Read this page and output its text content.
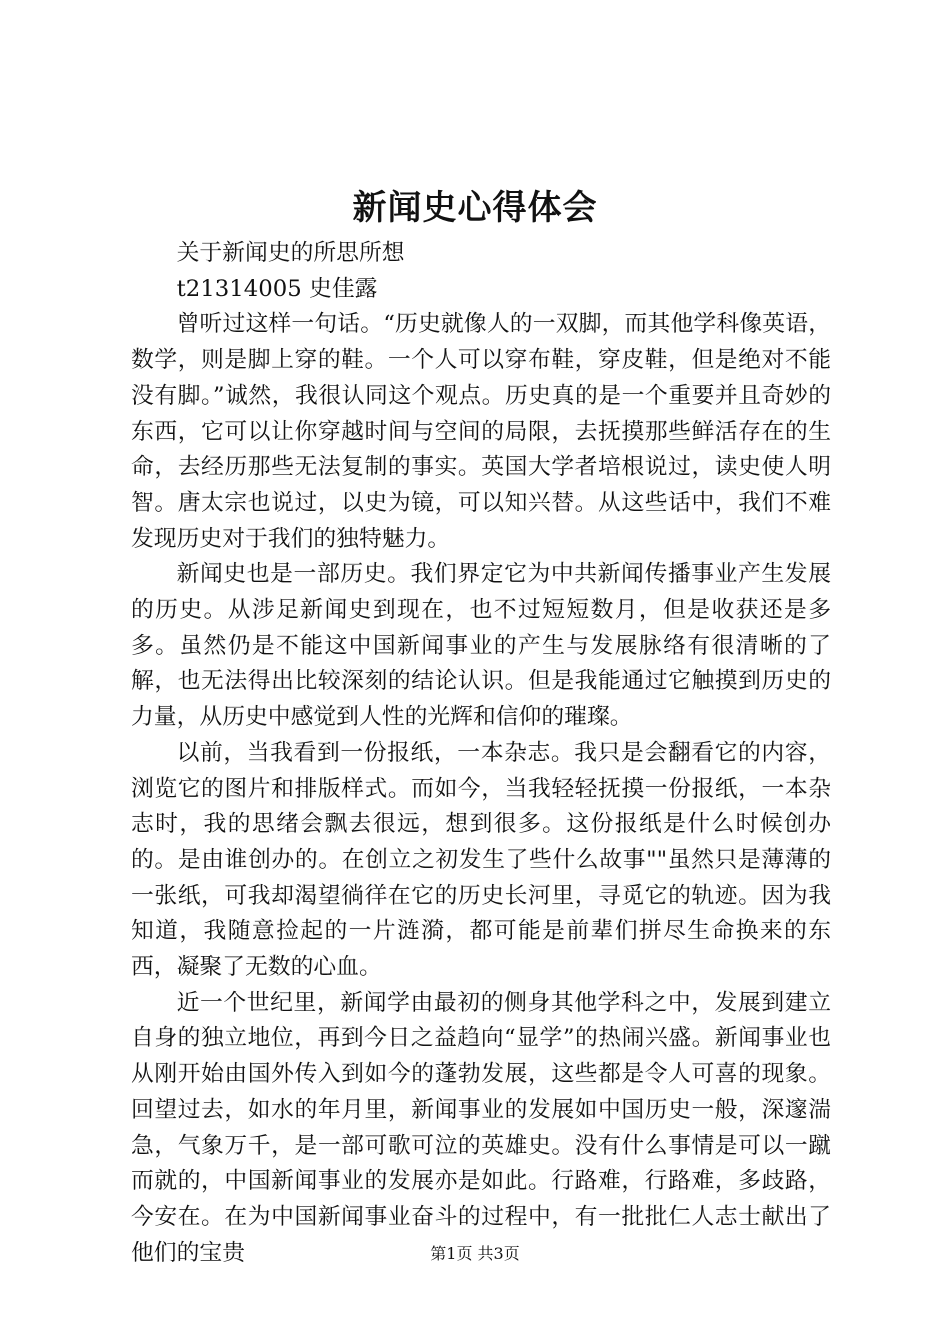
新闻史心得体会

关于新闻史的所思所想

t21314005 史佳露

曾听过这样一句话。“历史就像人的一双脚，而其他学科像英语，数学，则是脚上穿的鞋。一个人可以穿布鞋，穿皮鞋，但是绝对不能没有脚。”诚然，我很认同这个观点。历史真的是一个重要并且奇妙的东西，它可以让你穿越时间与空间的局限，去抚摸那些鲜活存在的生命，去经历那些无法复制的事实。英国大学者培根说过，读史使人明智。唐太宗也说过，以史为镜，可以知兴替。从这些话中，我们不难发现历史对于我们的独特魅力。

新闻史也是一部历史。我们界定它为中共新闻传播事业产生发展的历史。从涉足新闻史到现在，也不过短短数月，但是收获还是多多。虽然仍是不能这中国新闻事业的产生与发展脉络有很清晰的了解，也无法得出比较深刻的结论认识。但是我能通过它触摸到历史的力量，从历史中感觉到人性的光辉和信仰的璀璨。

以前，当我看到一份报纸，一本杂志。我只是会翻看它的内容，浏览它的图片和排版样式。而如今，当我轻轻抚摸一份报纸，一本杂志时，我的思绪会飘去很远，想到很多。这份报纸是什么时候创办的。是由谁创办的。在创立之初发生了些什么故事""虽然只是薄薄的一张纸，可我却渴望徜徉在它的历史长河里，寻觅它的轨迹。因为我知道，我随意捡起的一片涟漪，都可能是前辈们拼尽生命换来的东西，凝聚了无数的心血。

近一个世纪里，新闻学由最初的侧身其他学科之中，发展到建立自身的独立地位，再到今日之益趋向“显学”的热闹兴盛。新闻事业也从刚开始由国外传入到如今的蓬勃发展，这些都是令人可喜的现象。回望过去，如水的年月里，新闻事业的发展如中国历史一般，深邃湍急，气象万千，是一部可歌可泣的英雄史。没有什么事情是可以一蹴而就的，中国新闻事业的发展亦是如此。行路难，行路难，多歧路，今安在。在为中国新闻事业奋斗的过程中，有一批批仁人志士献出了他们的宝贵	第1页 共3页
